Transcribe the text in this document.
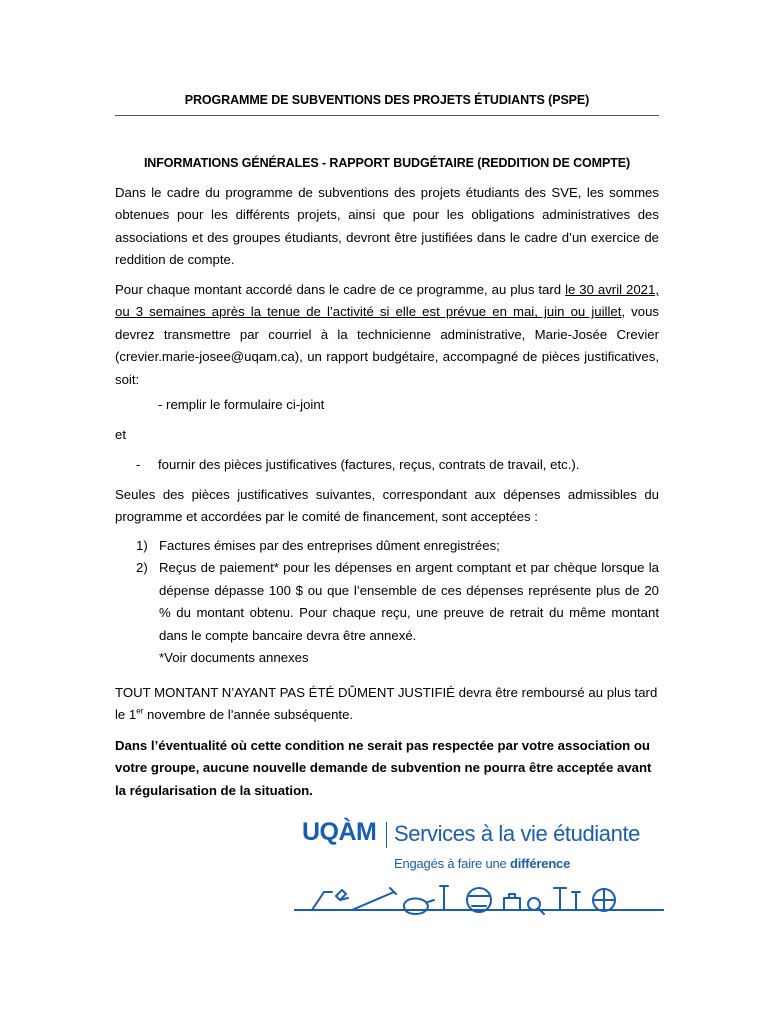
PROGRAMME DE SUBVENTIONS DES PROJETS ÉTUDIANTS (PSPE)
INFORMATIONS GÉNÉRALES - RAPPORT BUDGÉTAIRE (REDDITION DE COMPTE)
Dans le cadre du programme de subventions des projets étudiants des SVE, les sommes obtenues pour les différents projets, ainsi que pour les obligations administratives des associations et des groupes étudiants, devront être justifiées dans le cadre d’un exercice de reddition de compte.
Pour chaque montant accordé dans le cadre de ce programme, au plus tard le 30 avril 2021, ou 3 semaines après la tenue de l’activité si elle est prévue en mai, juin ou juillet, vous devrez transmettre par courriel à la technicienne administrative, Marie-Josée Crevier (crevier.marie-josee@uqam.ca), un rapport budgétaire, accompagné de pièces justificatives, soit:
- remplir le formulaire ci-joint
et
- fournir des pièces justificatives (factures, reçus, contrats de travail, etc.).
Seules des pièces justificatives suivantes, correspondant aux dépenses admissibles du programme et accordées par le comité de financement, sont acceptées :
1) Factures émises par des entreprises dûment enregistrées;
2) Reçus de paiement* pour les dépenses en argent comptant et par chèque lorsque la dépense dépasse 100 $ ou que l’ensemble de ces dépenses représente plus de 20 % du montant obtenu. Pour chaque reçu, une preuve de retrait du même montant dans le compte bancaire devra être annexé.
*Voir documents annexes
TOUT MONTANT N’AYANT PAS ÉTÉ DÛMENT JUSTIFIÉ devra être remboursé au plus tard le 1er novembre de l’année subséquente.
Dans l’éventualité où cette condition ne serait pas respectée par votre association ou votre groupe, aucune nouvelle demande de subvention ne pourra être acceptée avant la régularisation de la situation.
UQÀM Services à la vie étudiante
Engagés à faire une différence
